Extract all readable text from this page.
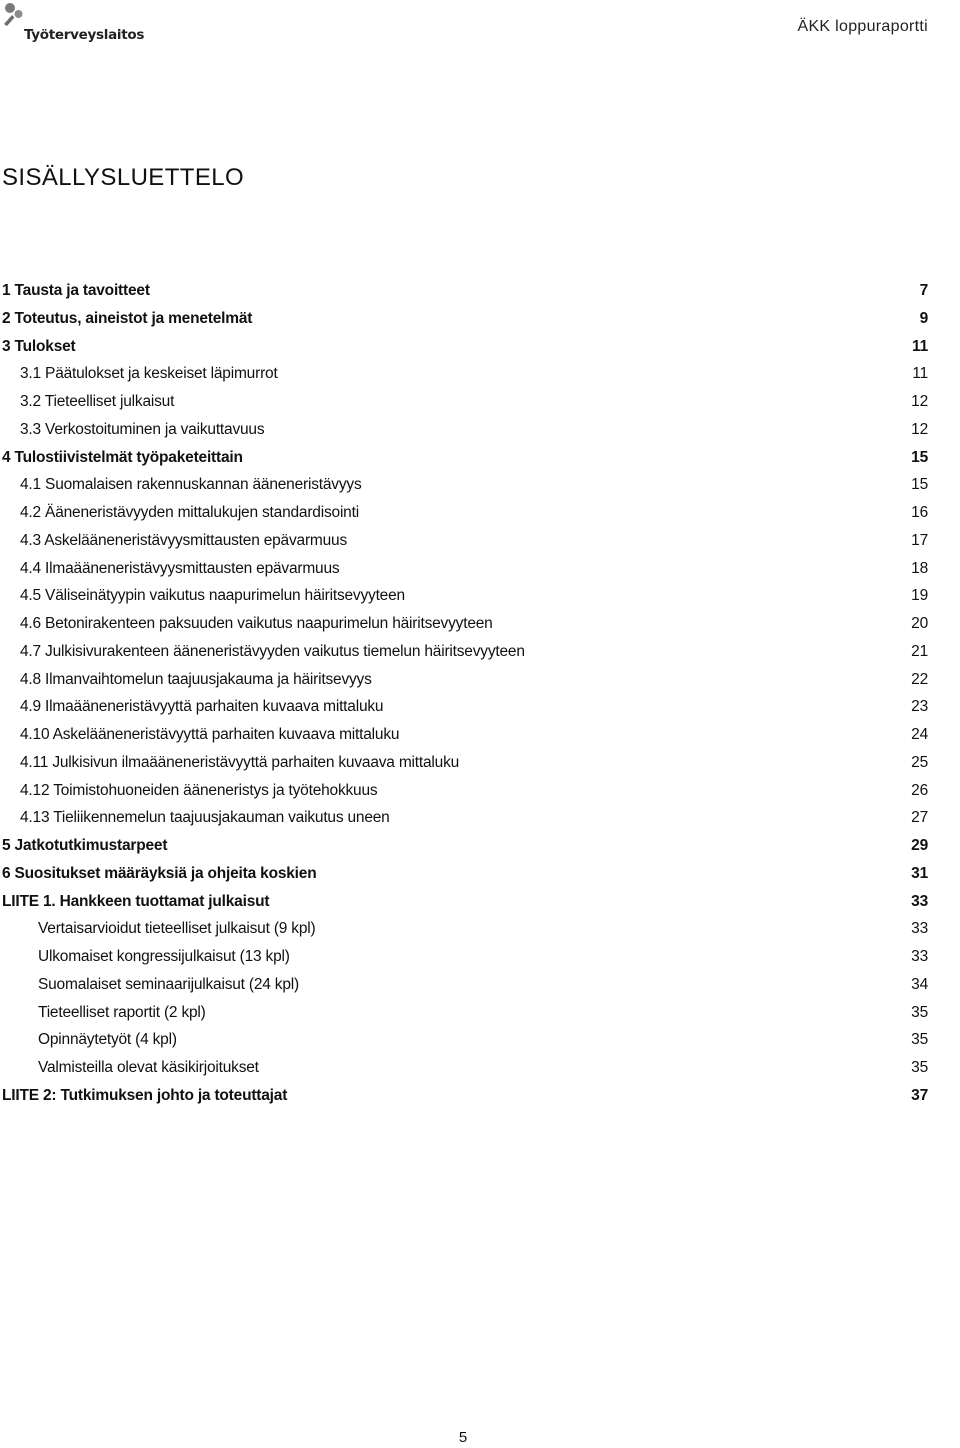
Työterveyslaitos	ÄKK loppuraportti
SISÄLLYSLUETTELO
1 Tausta ja tavoitteet	7
2 Toteutus, aineistot ja menetelmät	9
3 Tulokset	11
3.1 Päätulokset ja keskeiset läpimurrot	11
3.2 Tieteelliset julkaisut	12
3.3 Verkostoituminen ja vaikuttavuus	12
4 Tulostiivistelmät työpaketeittain	15
4.1 Suomalaisen rakennuskannan ääneneristävyys	15
4.2 Ääneneristävyyden mittalukujen standardisointi	16
4.3 Askelääneneristävyysmittausten epävarmuus	17
4.4 Ilmaääneneristävyysmittausten epävarmuus	18
4.5 Väliseinätyypin vaikutus naapurimelun häiritsevyyteen	19
4.6 Betonirakenteen paksuuden vaikutus naapurimelun häiritsevyyteen	20
4.7 Julkisivurakenteen ääneneristävyyden vaikutus tiemelun häiritsevyyteen	21
4.8 Ilmanvaihtomelun taajuusjakauma ja häiritsevyys	22
4.9 Ilmaääneneristävyyttä parhaiten kuvaava mittaluku	23
4.10 Askelääneneristävyyttä parhaiten kuvaava mittaluku	24
4.11 Julkisivun ilmaääneneristävyyttä parhaiten kuvaava mittaluku	25
4.12 Toimistohuoneiden ääneneristys ja työtehokkuus	26
4.13 Tieliikennemelun taajuusjakauman vaikutus uneen	27
5 Jatkotutkimustarpeet	29
6 Suositukset määräyksiä ja ohjeita koskien	31
LIITE 1. Hankkeen tuottamat julkaisut	33
Vertaisarvioidut tieteelliset julkaisut (9 kpl)	33
Ulkomaiset kongressijulkaisut (13 kpl)	33
Suomalaiset seminaarijulkaisut (24 kpl)	34
Tieteelliset raportit (2 kpl)	35
Opinnäytetyöt (4 kpl)	35
Valmisteilla olevat käsikirjoitukset	35
LIITE 2: Tutkimuksen johto ja toteuttajat	37
5
